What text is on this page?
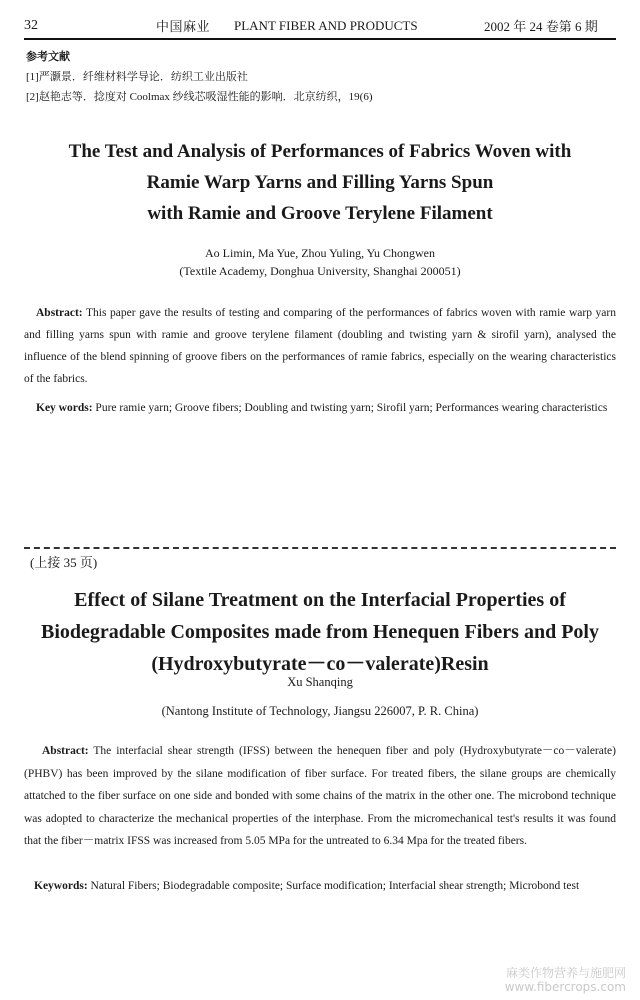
32	中国麻业 PLANT FIBER AND PRODUCTS	2002 年 24 卷第 6 期
参考文献
[1]严灏景．纤维材料学导论．纺织工业出版社
[2]赵艳志等．捻度对 Coolmax 纱线芯吸湿性能的影响．北京纺织，19(6)
The Test and Analysis of Performances of Fabrics Woven with
Ramie Warp Yarns and Filling Yarns Spun
with Ramie and Groove Terylene Filament
Ao Limin, Ma Yue, Zhou Yuling, Yu Chongwen
(Textile Academy, Donghua University, Shanghai 200051)
Abstract: This paper gave the results of testing and comparing of the performances of fabrics woven with ramie warp yarn and filling yarns spun with ramie and groove terylene filament (doubling and twisting yarn & sirofil yarn), analysed the influence of the blend spinning of groove fibers on the performances of ramie fabrics, especially on the wearing characteristics of the fabrics.
Key words: Pure ramie yarn; Groove fibers; Doubling and twisting yarn; Sirofil yarn; Performances wearing characteristics
(上接 35 页)
Effect of Silane Treatment on the Interfacial Properties of
Biodegradable Composites made from Henequen Fibers and Poly
(Hydroxybutyrate－co－valerate)Resin
Xu Shanqing
(Nantong Institute of Technology, Jiangsu 226007, P. R. China)
Abstract: The interfacial shear strength (IFSS) between the henequen fiber and poly (Hydroxybutyrate－co－valerate) (PHBV) has been improved by the silane modification of fiber surface. For treated fibers, the silane groups are chemically attatched to the fiber surface on one side and bonded with some chains of the matrix in the other one. The microbond technique was adopted to characterize the mechanical properties of the interphase. From the micromechanical test's results it was found that the fiber－matrix IFSS was increased from 5.05 MPa for the untreated to 6.34 Mpa for the treated fibers.
Keywords: Natural Fibers; Biodegradable composite; Surface modification; Interfacial shear strength; Microbond test
麻类作物营养与施肥网
www.fibercrops.com
